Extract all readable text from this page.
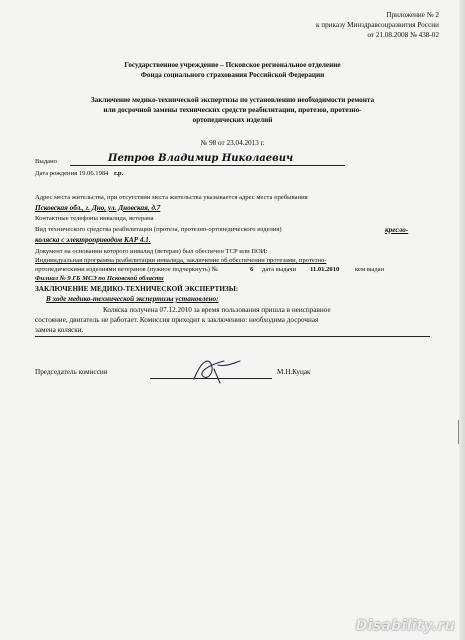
Приложение № 2
к приказу Минздравсоцразвития России
от 21.08.2008 № 438-02
Государственное учреждение – Псковское региональное отделение
Фонда социального страхования Российской Федерации
Заключение медико-технической экспертизы по установлению необходимости ремонта
или досрочной замены технических средств реабилитации, протезов, протезно-
ортопедических изделий
№ 98 от 23.04.2013 г.
Выдано	Петров Владимир Николаевич
Дата рождения 19.06.1984 г.р.
Адрес места жительства, при отсутствии места жительства указывается адрес места пребывания
Псковская обл., г. Дно, ул. Дновская, д.7
Контактные телефоны инвалида, ветерана
Вид технического средства реабилитации (протеза, протезно-ортопедического изделия)	кресло-
коляска с электроприводом КАР 4.1.
Документ на основании которого инвалид (ветеран) был обеспечен ТСР или ПОИ:
Индивидуальная программа реабилитации инвалида, заключение об обеспечении протезами, протезно-
ортопедическими изделиями ветеранов (нужное подчеркнуть) №	6 дата выдачи 11.01.2010 кем выдан
Филиал № 9 ГБ МСЭ по Псковской области
ЗАКЛЮЧЕНИЕ МЕДИКО-ТЕХНИЧЕСКОЙ ЭКСПЕРТИЗЫ:
В ходе медико-технической экспертизы установлено:
Коляска получена 07.12.2010 за время пользования пришла в неисправное
состояние, двигатель не работает. Комиссия приходит к заключению: необходима досрочная
замена коляски.
Председатель комиссии	М.Н.Куцак
Disability.ru
